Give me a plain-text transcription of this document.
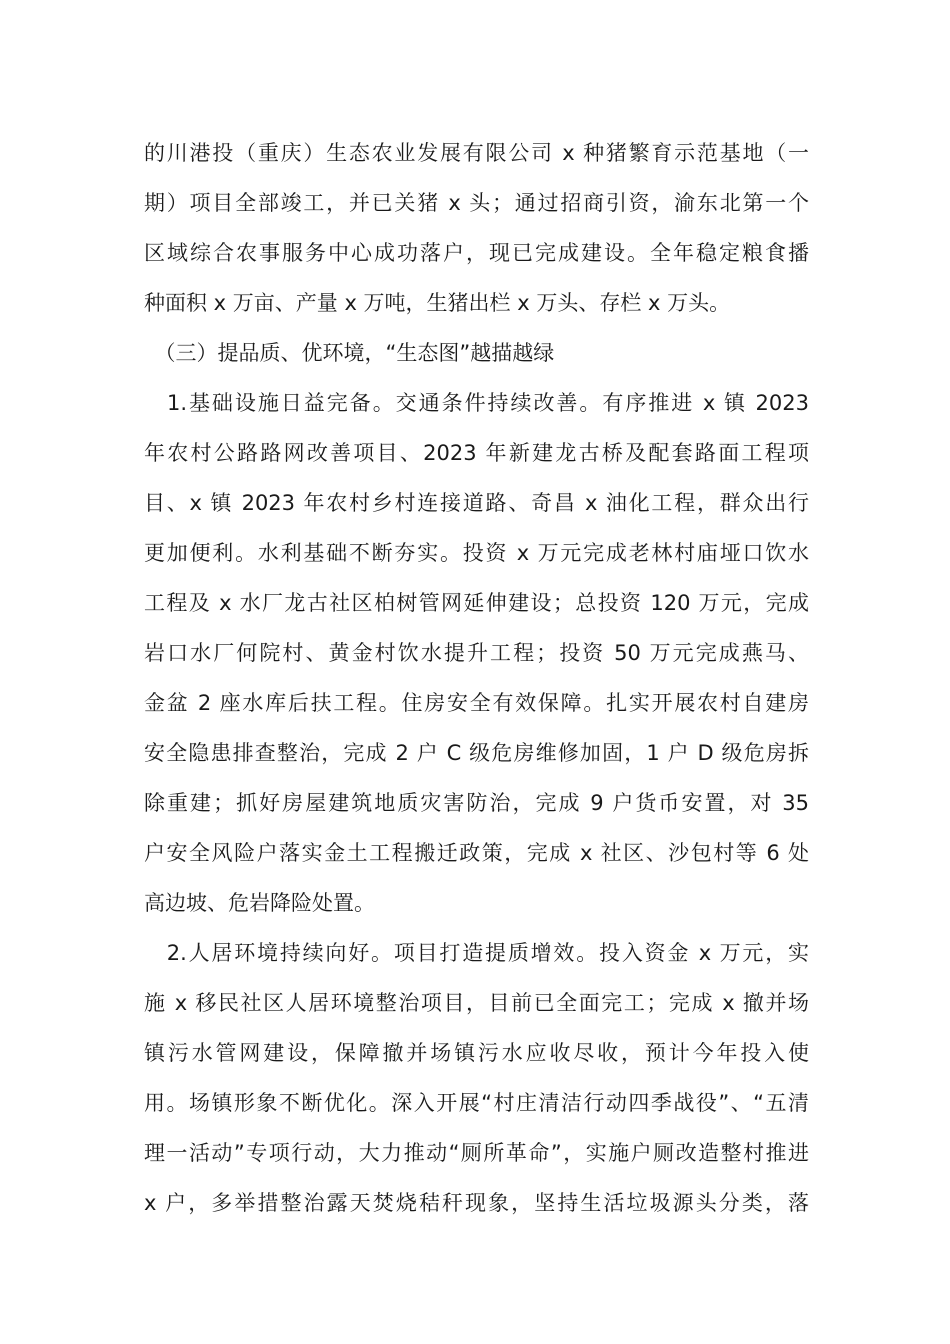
的川港投（重庆）生态农业发展有限公司 x 种猪繁育示范基地（一
期）项目全部竣工，并已关猪 x 头；通过招商引资，渝东北第一个
区域综合农事服务中心成功落户，现已完成建设。全年稳定粮食播
种面积 x 万亩、产量 x 万吨，生猪出栏 x 万头、存栏 x 万头。
　（三）提品质、优环境，“生态图”越描越绿
　1.基础设施日益完备。交通条件持续改善。有序推进 x 镇 2023
年农村公路路网改善项目、2023 年新建龙古桥及配套路面工程项
目、x 镇 2023 年农村乡村连接道路、奇昌 x 油化工程，群众出行
更加便利。水利基础不断夯实。投资 x 万元完成老林村庙垭口饮水
工程及 x 水厂龙古社区柏树管网延伸建设；总投资 120 万元，完成
岩口水厂何院村、黄金村饮水提升工程；投资 50 万元完成燕马、
金盆 2 座水库后扶工程。住房安全有效保障。扎实开展农村自建房
安全隐患排查整治，完成 2 户 C 级危房维修加固，1 户 D 级危房拆
除重建；抓好房屋建筑地质灾害防治，完成 9 户货币安置，对 35
户安全风险户落实金土工程搬迁政策，完成 x 社区、沙包村等 6 处
高边坡、危岩降险处置。
　2.人居环境持续向好。项目打造提质增效。投入资金 x 万元，实
施 x 移民社区人居环境整治项目，目前已全面完工；完成 x 撤并场
镇污水管网建设，保障撤并场镇污水应收尽收，预计今年投入使
用。场镇形象不断优化。深入开展“村庄清洁行动四季战役”、“五清
理一活动”专项行动，大力推动“厕所革命”，实施户厕改造整村推进
x 户，多举措整治露天焚烧秸秆现象，坚持生活垃圾源头分类，落
